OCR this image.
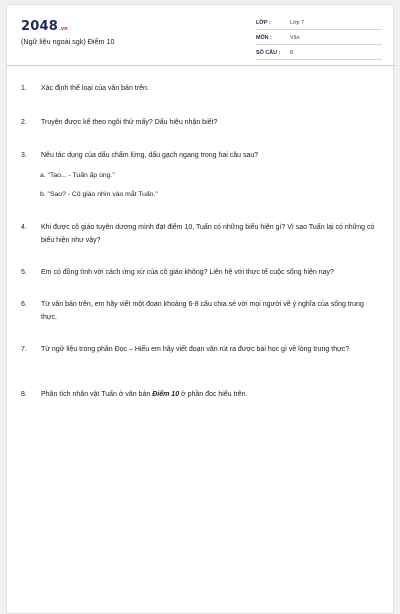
2048.vn
(Ngữ liệu ngoài sgk) Điểm 10
LỚP :	Lớp 7
MÔN :	Văn
SỐ CÂU : 8
1.	Xác định thể loại của văn bản trên.
2.	Truyện được kể theo ngôi thứ mấy? Dấu hiệu nhận biết?
3.	Nêu tác dụng của dấu chấm lửng, dấu gạch ngang trong hai câu sau?
a. "Tao... - Tuấn ấp úng."
b. "Sao? - Cô giáo nhìn vào mắt Tuấn."
4.	Khi được cô giáo tuyên dương mình đạt điểm 10, Tuấn có những biểu hiện gì? Vì sao Tuấn lại có những có biểu hiện như vậy?
5.	Em có đồng tình với cách ứng xử của cô giáo không? Liên hệ với thực tế cuộc sống hiện nay?
6.	Từ văn bản trên, em hãy viết một đoạn khoảng 6-8 câu chia sẻ với mọi người về ý nghĩa của sống trung thực.
7.	Từ ngữ liệu trong phần Đọc – Hiểu em hãy viết đoạn văn rút ra được bài học gì về lòng trung thực?
8.	Phân tích nhân vật Tuấn ở văn bản Điểm 10 ở phần đọc hiểu trên.
